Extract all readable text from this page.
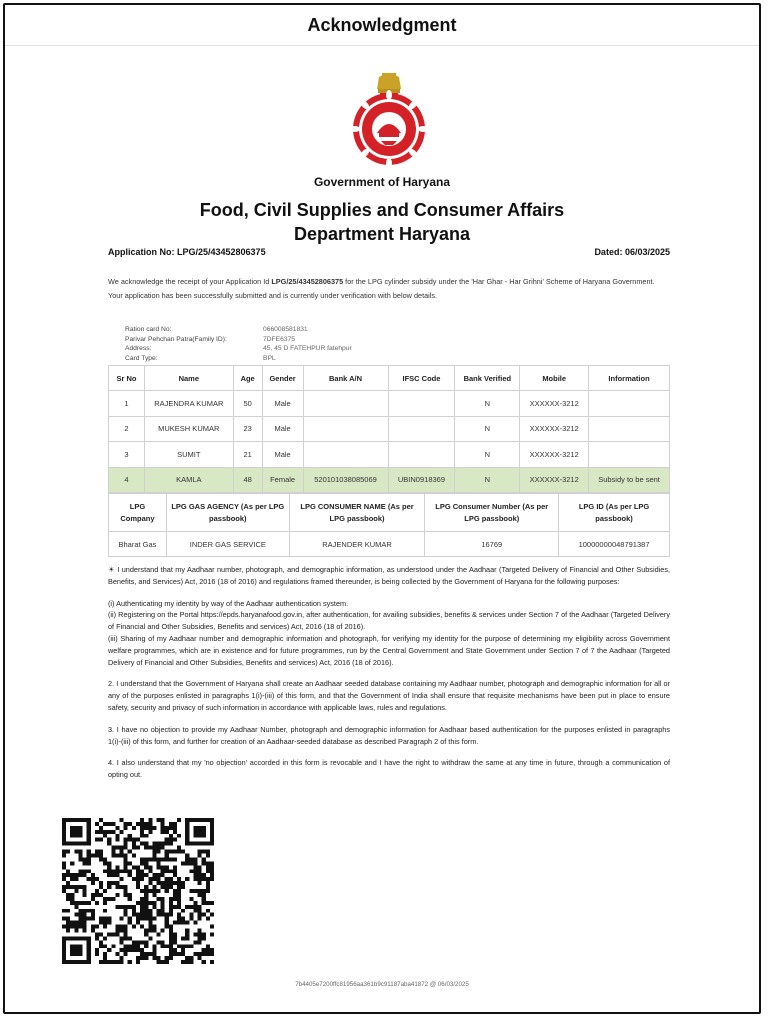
Acknowledgment
Government of Haryana
Food, Civil Supplies and Consumer Affairs
Department Haryana
Application No: LPG/25/43452806375	Dated: 06/03/2025
We acknowledge the receipt of your Application Id LPG/25/43452806375 for the LPG cylinder subsidy under the 'Har Ghar - Har Grihni' Scheme of Haryana Government. Your application has been successfully submitted and is currently under verification with below details.
Ration card No:	066008581831
Parivar Pehchan Patra(Family ID):	7DFE6375
Address:	45, 45 D FATEHPUR fatehpur
Card Type:	BPL
Sr No	Name	Age	Gender	Bank A/N	IFSC Code	Bank Verified	Mobile	Information
1	RAJENDRA KUMAR	50	Male			N	XXXXXX-3212	
2	MUKESH KUMAR	23	Male			N	XXXXXX-3212	
3	SUMIT	21	Male			N	XXXXXX-3212	
4	KAMLA	48	Female	520101038085069	UBIN0918369	N	XXXXXX-3212	Subsidy to be sent
LPG Company	LPG GAS AGENCY (As per LPG passbook)	LPG CONSUMER NAME (As per LPG passbook)	LPG Consumer Number (As per LPG passbook)	LPG ID (As per LPG passbook)
Bharat Gas	INDER GAS SERVICE	RAJENDER KUMAR	16769	10000000048791387

☀ I understand that my Aadhaar number, photograph, and demographic information, as understood under the Aadhaar (Targeted Delivery of Financial and Other Subsidies, Benefits, and Services) Act, 2016 (18 of 2016) and regulations framed thereunder, is being collected by the Government of Haryana for the following purposes:

(i) Authenticating my identity by way of the Aadhaar authentication system.
(ii) Registering on the Portal https://epds.haryanafood.gov.in, after authentication, for availing subsidies, benefits & services under Section 7 of the Aadhaar (Targeted Delivery of Financial and Other Subsidies, Benefits and services) Act, 2016 (18 of 2016).
(iii) Sharing of my Aadhaar number and demographic information and photograph, for verifying my identity for the purpose of determining my eligibility across Government welfare programmes, which are in existence and for future programmes, run by the Central Government and State Government under Section 7 of 7 the Aadhaar (Targeted Delivery of Financial and Other Subsidies, Benefits and services) Act, 2016 (18 of 2016).

2. I understand that the Government of Haryana shall create an Aadhaar seeded database containing my Aadhaar number, photograph and demographic information for all or any of the purposes enlisted in paragraphs 1(i)-(iii) of this form, and that the Government of India shall ensure that requisite mechanisms have been put in place to ensure safety, security and privacy of such information in accordance with applicable laws, rules and regulations.

3. I have no objection to provide my Aadhaar Number, photograph and demographic information for Aadhaar based authentication for the purposes enlisted in paragraphs 1(i)-(iii) of this form, and further for creation of an Aadhaar-seeded database as described Paragraph 2 of this form.

4. I also understand that my 'no objection' accorded in this form is revocable and I have the right to withdraw the same at any time in future, through a communication of opting out.

7b4405e7200ffc81956aa361b9c91187aba41872 @ 06/03/2025
